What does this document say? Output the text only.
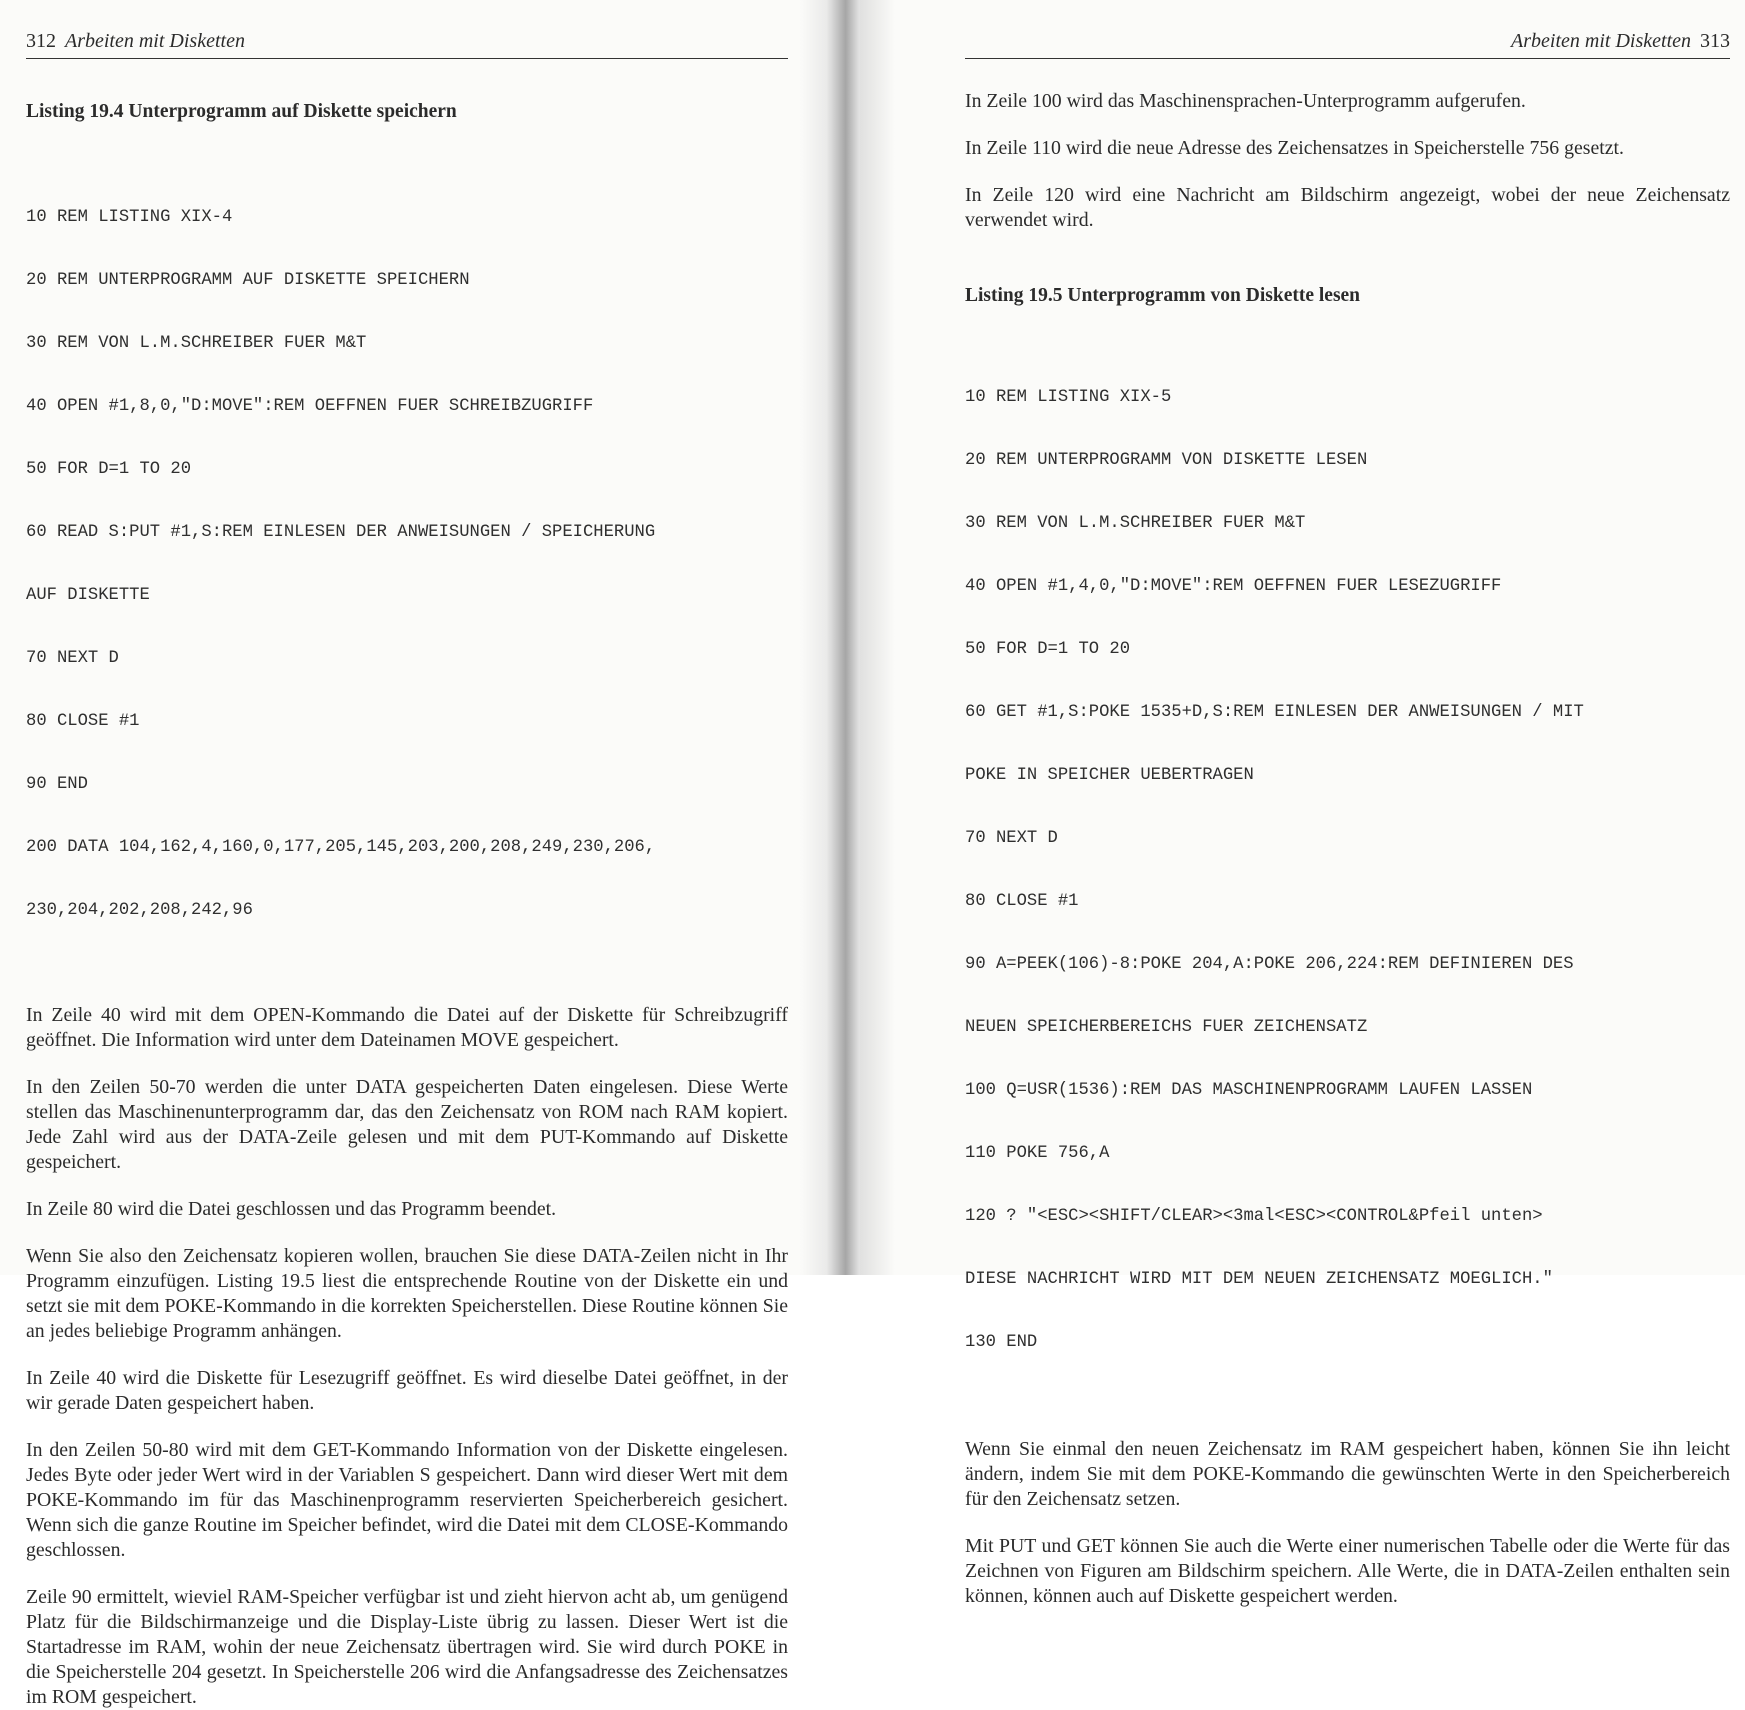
312 Arbeiten mit Disketten

Listing 19.4 Unterprogramm auf Diskette speichern

10 REM LISTING XIX-4

20 REM UNTERPROGRAMM AUF DISKETTE SPEICHERN

30 REM VON L.M.SCHREIBER FUER M&T

40 OPEN #1,8,0,"D:MOVE":REM OEFFNEN FUER SCHREIBZUGRIFF

50 FOR D=1 TO 20

60 READ S:PUT #1,S:REM EINLESEN DER ANWEISUNGEN / SPEICHERUNG

AUF DISKETTE

70 NEXT D

80 CLOSE #1

90 END

200 DATA 104,162,4,160,0,177,205,145,203,200,208,249,230,206,

230,204,202,208,242,96

In Zeile 40 wird mit dem OPEN-Kommando die Datei auf der Diskette für Schreibzugriff geöffnet. Die Information wird unter dem Dateinamen MOVE gespeichert.

In den Zeilen 50-70 werden die unter DATA gespeicherten Daten eingelesen. Diese Werte stellen das Maschinenunterprogramm dar, das den Zeichensatz von ROM nach RAM kopiert. Jede Zahl wird aus der DATA-Zeile gelesen und mit dem PUT-Kommando auf Diskette gespeichert.

In Zeile 80 wird die Datei geschlossen und das Programm beendet.

Wenn Sie also den Zeichensatz kopieren wollen, brauchen Sie diese DATA-Zeilen nicht in Ihr Programm einzufügen. Listing 19.5 liest die entsprechende Routine von der Diskette ein und setzt sie mit dem POKE-Kommando in die korrekten Speicherstellen. Diese Routine können Sie an jedes beliebige Programm anhängen.

In Zeile 40 wird die Diskette für Lesezugriff geöffnet. Es wird dieselbe Datei geöffnet, in der wir gerade Daten gespeichert haben.

In den Zeilen 50-80 wird mit dem GET-Kommando Information von der Diskette eingelesen. Jedes Byte oder jeder Wert wird in der Variablen S gespeichert. Dann wird dieser Wert mit dem POKE-Kommando im für das Maschinenprogramm reservierten Speicherbereich gesichert. Wenn sich die ganze Routine im Speicher befindet, wird die Datei mit dem CLOSE-Kommando geschlossen.

Zeile 90 ermittelt, wieviel RAM-Speicher verfügbar ist und zieht hiervon acht ab, um genügend Platz für die Bildschirmanzeige und die Display-Liste übrig zu lassen. Dieser Wert ist die Startadresse im RAM, wohin der neue Zeichensatz übertragen wird. Sie wird durch POKE in die Speicherstelle 204 gesetzt. In Speicherstelle 206 wird die Anfangsadresse des Zeichensatzes im ROM gespeichert.

Arbeiten mit Disketten 313

In Zeile 100 wird das Maschinensprachen-Unterprogramm aufgerufen.

In Zeile 110 wird die neue Adresse des Zeichensatzes in Speicherstelle 756 gesetzt.

In Zeile 120 wird eine Nachricht am Bildschirm angezeigt, wobei der neue Zeichensatz verwendet wird.

Listing 19.5 Unterprogramm von Diskette lesen

10 REM LISTING XIX-5

20 REM UNTERPROGRAMM VON DISKETTE LESEN

30 REM VON L.M.SCHREIBER FUER M&T

40 OPEN #1,4,0,"D:MOVE":REM OEFFNEN FUER LESEZUGRIFF

50 FOR D=1 TO 20

60 GET #1,S:POKE 1535+D,S:REM EINLESEN DER ANWEISUNGEN / MIT

POKE IN SPEICHER UEBERTRAGEN

70 NEXT D

80 CLOSE #1

90 A=PEEK(106)-8:POKE 204,A:POKE 206,224:REM DEFINIEREN DES

NEUEN SPEICHERBEREICHS FUER ZEICHENSATZ

100 Q=USR(1536):REM DAS MASCHINENPROGRAMM LAUFEN LASSEN

110 POKE 756,A

120 ? "<ESC><SHIFT/CLEAR><3mal<ESC><CONTROL&Pfeil unten>

DIESE NACHRICHT WIRD MIT DEM NEUEN ZEICHENSATZ MOEGLICH."

130 END

Wenn Sie einmal den neuen Zeichensatz im RAM gespeichert haben, können Sie ihn leicht ändern, indem Sie mit dem POKE-Kommando die gewünschten Werte in den Speicherbereich für den Zeichensatz setzen.

Mit PUT und GET können Sie auch die Werte einer numerischen Tabelle oder die Werte für das Zeichnen von Figuren am Bildschirm speichern. Alle Werte, die in DATA-Zeilen enthalten sein können, können auch auf Diskette gespeichert werden.
